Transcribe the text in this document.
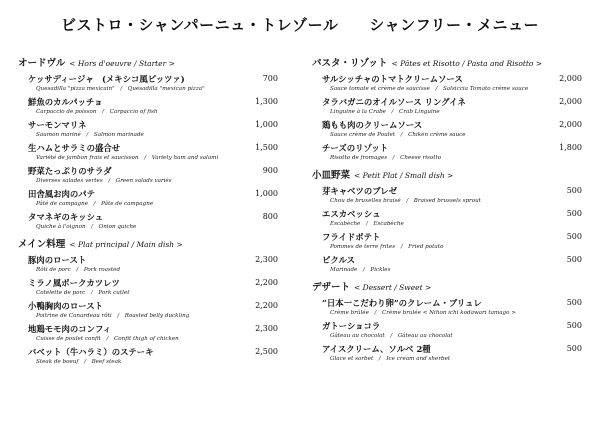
ビストロ・シャンパーニュ・トレゾール　　シャンフリー・メニュー
オードヴル < Hors d'oeuvre / Starter >
ケッサディージャ　(メキシコ風ピッツァ)
Quesadilla "pizza mexicain"　/　Quesadilla "mexican pizza"
700
鮮魚のカルパッチョ
Carpaccio de poisson　/　Carpaccio of fish
1,300
サーモンマリネ
Saumon mariné　/　Salmon marinade
1,000
生ハムとサラミの盛合せ
Variété de jambon frais et saucisson　/　Variety ham and salami
1,500
野菜たっぷりのサラダ
Diverses salades vertes　/　Green salads variés
900
田舎風お肉のパテ
Pâté de campagne　/　Pâte de campagne
1,000
タマネギのキッシュ
Quiche à l'oignon　/　Onion quiche
800
メイン料理 < Plat principal / Main dish >
豚肉のロースト
Rôti de porc　/　Pork roasted
2,300
ミラノ風ポークカツレツ
Cotelette de porc　/　Pork cutlet
2,200
小鴨胸肉のロースト
Poitrine de Canardeau rôti　/　Roasted belly duckling
2,200
地鶏モモ肉のコンフィ
Cuisse de poulet confit　/　Confit thigh of chicken
2,300
バベット（牛ハラミ）のステーキ
Steak de boeuf　/　Beef steak
2,500
パスタ・リゾット < Pâtes et Risotto / Pasta and Risotto >
サルシッチャのトマトクリームソース
Sauce tomate et crème de saucisse　/　Salsiccia Tomato crème sauce
2,000
タラバガニのオイルソース リングイネ
Linguine à la Crabe　/　Crab Linguine
2,000
鶏もも肉のクリームソース
Sauce crème de Poulet　/　Chiken crème sauce
2,000
チーズのリゾット
Risotto de fromages　/　Cheese risotto
1,800
小皿野菜 < Petit Plat / Small dish >
芽キャベツのブレゼ
Chou de bruxelles braisé　/　Braised brussels sprout
500
エスカベッシュ
Escabèche　/　Escabèche
500
フライドポテト
Pommes de terre frites　/　Fried potato
500
ピクルス
Marinade　/　Pickles
500
デザート < Dessert / Sweet >
“日本一こだわり卵”のクレーム・ブリュレ
Crème brûlée　/　Crème brulée < Nihon ichi kodawari tamago >
500
ガトーショコラ
Gâteau au chocolat　/　Gâteau au chocolat
500
アイスクリーム、ソルベ 2種
Glace et sorbet　/　Ice cream and sherbet
500
